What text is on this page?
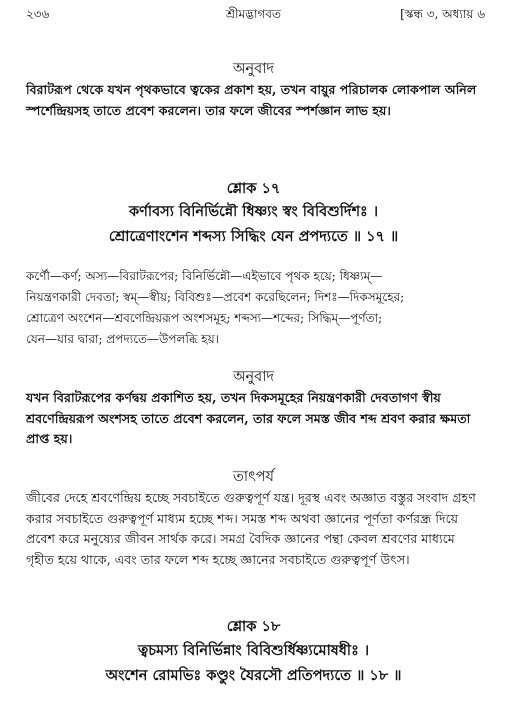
২৩৬	শ্রীমদ্ভাগবত	[স্কন্ধ ৩, অধ্যায় ৬
অনুবাদ

বিরাটরূপ থেকে যখন পৃথকভাবে ত্বকের প্রকাশ হয়, তখন বায়ুর পরিচালক লোকপাল অনিল স্পর্শেন্দ্রিয়সহ তাতে প্রবেশ করলেন। তার ফলে জীবের স্পর্শজ্ঞান লাভ হয়।

শ্লোক ১৭
কর্ণাবস্য বিনির্ভিন্নৌ ধিষ্ণ্যং স্বং বিবিশুর্দিশঃ ।
শ্রোত্রেণাংশেন শব্দস্য সিদ্ধিং যেন প্রপদ্যতে ॥ ১৭ ॥
কর্ণৌ—কর্ণ; অস্য—বিরাটরূপের; বিনির্ভিন্নৌ—এইভাবে পৃথক হয়ে; ধিষ্ণ্যম্—
নিয়ন্ত্রণকারী দেবতা; স্বম্—স্বীয়; বিবিশুঃ—প্রবেশ করেছিলেন; দিশঃ—দিকসমূহের;
শ্রোত্রেণ অংশেন—শ্রবণেন্দ্রিয়রূপ অংশসমূহ; শব্দস্য—শব্দের; সিদ্ধিম্—পূর্ণতা;
যেন—যার দ্বারা; প্রপদ্যতে—উপলব্ধি হয়।
অনুবাদ

যখন বিরাটরূপের কর্ণদ্বয় প্রকাশিত হয়, তখন দিকসমূহের নিয়ন্ত্রণকারী দেবতাগণ স্বীয় শ্রবণেন্দ্রিয়রূপ অংশসহ তাতে প্রবেশ করলেন, তার ফলে সমস্ত জীব শব্দ শ্রবণ করার ক্ষমতা প্রাপ্ত হয়।

তাৎপর্য

জীবের দেহে শ্রবণেন্দ্রিয় হচ্ছে সবচাইতে গুরুত্বপূর্ণ যন্ত্র। দূরস্থ এবং অজ্ঞাত বস্তুর সংবাদ গ্রহণ করার সবচাইতে গুরুত্বপূর্ণ মাধ্যম হচ্ছে শব্দ। সমস্ত শব্দ অথবা জ্ঞানের পূর্ণতা কর্ণরন্ধ্র দিয়ে প্রবেশ করে মনুষ্যের জীবন সার্থক করে। সমগ্র বৈদিক জ্ঞানের পন্থা কেবল শ্রবণের মাধ্যমে গৃহীত হয়ে থাকে, এবং তার ফলে শব্দ হচ্ছে জ্ঞানের সবচাইতে গুরুত্বপূর্ণ উৎস।

শ্লোক ১৮
ত্বচমস্য বিনির্ভিন্নাং বিবিশুর্ধিষ্ণ্যমোষধীঃ ।
অংশেন রোমভিঃ কণ্ডুং যৈরসৌ প্রতিপদ্যতে ॥ ১৮ ॥
